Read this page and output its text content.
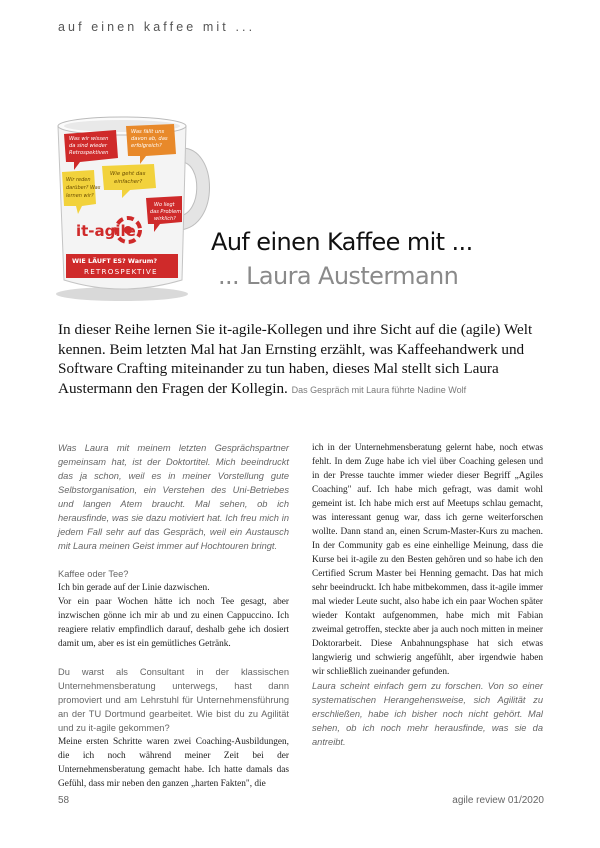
auf einen kaffee mit ...
Was wir wissen da sind wieder Retrospektiven
Was fällt uns davon ab, das erfolgreich?
Wie geht das einfacher?
Wir reden darüber? Was lernen wir?
Wo liegt das Problem wirklich?
it-agile
WIE LÄUFT ES? Warum?
RETROSPEKTIVE
Auf einen Kaffee mit ...
... Laura Austermann
In dieser Reihe lernen Sie it-agile-Kollegen und ihre Sicht auf die (agile) Welt kennen. Beim letzten Mal hat Jan Ernsting erzählt, was Kaffeehandwerk und Software Crafting miteinander zu tun haben, dieses Mal stellt sich Laura Austermann den Fragen der Kollegin. Das Gespräch mit Laura führte Nadine Wolf

Was Laura mit meinem letzten Gesprächspartner gemeinsam hat, ist der Doktortitel. Mich beeindruckt das ja schon, weil es in meiner Vorstellung gute Selbstorganisation, ein Verstehen des Uni-Betriebes und langen Atem braucht. Mal sehen, ob ich herausfinde, was sie dazu motiviert hat. Ich freu mich in jedem Fall sehr auf das Gespräch, weil ein Austausch mit Laura meinen Geist immer auf Hochtouren bringt.

Kaffee oder Tee?

Ich bin gerade auf der Linie dazwischen.

Vor ein paar Wochen hätte ich noch Tee gesagt, aber inzwischen gönne ich mir ab und zu einen Cappuccino. Ich reagiere relativ empfindlich darauf, deshalb gehe ich dosiert damit um, aber es ist ein gemütliches Getränk.

Du warst als Consultant in der klassischen Unternehmensberatung unterwegs, hast dann promoviert und am Lehrstuhl für Unternehmensführung an der TU Dortmund gearbeitet. Wie bist du zu Agilität und zu it-agile gekommen?

Meine ersten Schritte waren zwei Coaching-Ausbildungen, die ich noch während meiner Zeit bei der Unternehmensberatung gemacht habe. Ich hatte damals das Gefühl, dass mir neben den ganzen „harten Fakten", die

ich in der Unternehmensberatung gelernt habe, noch etwas fehlt. In dem Zuge habe ich viel über Coaching gelesen und in der Presse tauchte immer wieder dieser Begriff „Agiles Coaching" auf. Ich habe mich gefragt, was damit wohl gemeint ist. Ich habe mich erst auf Meetups schlau gemacht, was interessant genug war, dass ich gerne weiterforschen wollte. Dann stand an, einen Scrum-Master-Kurs zu machen. In der Community gab es eine einhellige Meinung, dass die Kurse bei it-agile zu den Besten gehören und so habe ich den Certified Scrum Master bei Henning gemacht. Das hat mich sehr beeindruckt. Ich habe mitbekommen, dass it-agile immer mal wieder Leute sucht, also habe ich ein paar Wochen später wieder Kontakt aufgenommen, habe mich mit Fabian zweimal getroffen, steckte aber ja auch noch mitten in meiner Doktorarbeit. Diese Anbahnungsphase hat sich etwas langwierig und schwierig angefühlt, aber irgendwie haben wir schließlich zueinander gefunden.

Laura scheint einfach gern zu forschen. Von so einer systematischen Herangehensweise, sich Agilität zu erschließen, habe ich bisher noch nicht gehört. Mal sehen, ob ich noch mehr herausfinde, was sie da antreibt.

58	agile review 01/2020
